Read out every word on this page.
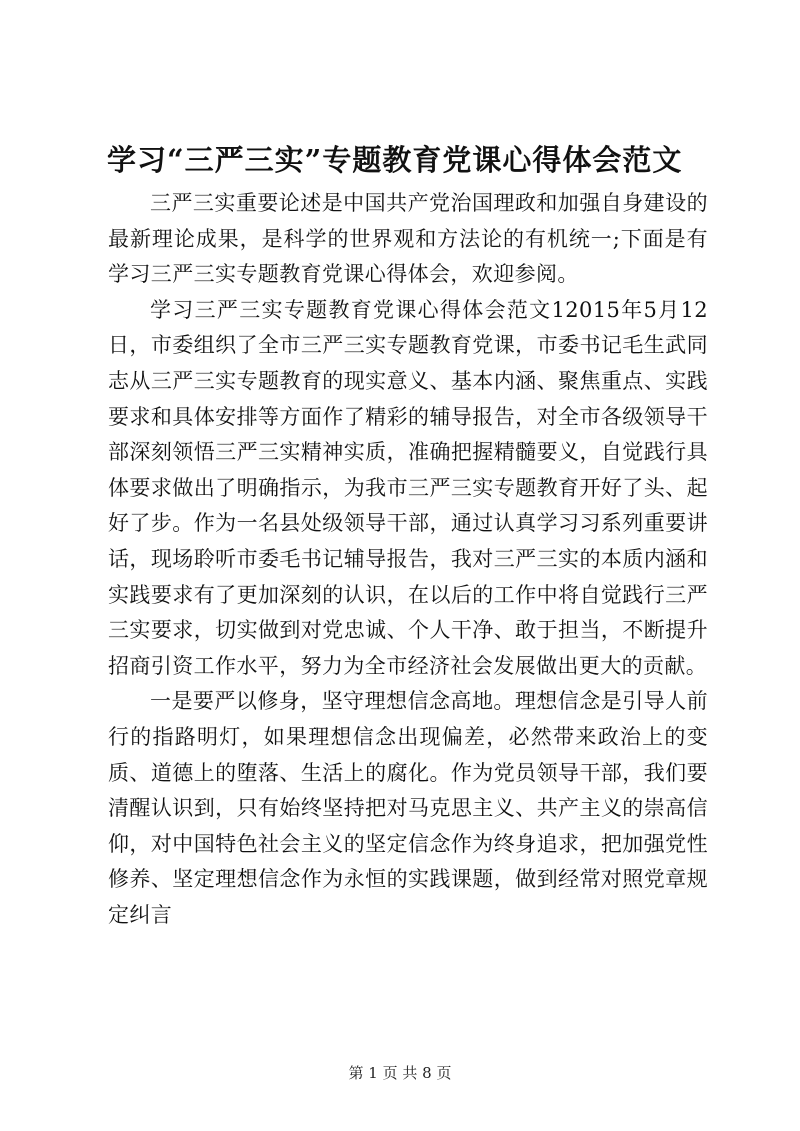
学习“三严三实”专题教育党课心得体会范文

三严三实重要论述是中国共产党治国理政和加强自身建设的最新理论成果，是科学的世界观和方法论的有机统一;下面是有学习三严三实专题教育党课心得体会，欢迎参阅。

学习三严三实专题教育党课心得体会范文12015年5月12日，市委组织了全市三严三实专题教育党课，市委书记毛生武同志从三严三实专题教育的现实意义、基本内涵、聚焦重点、实践要求和具体安排等方面作了精彩的辅导报告，对全市各级领导干部深刻领悟三严三实精神实质，准确把握精髓要义，自觉践行具体要求做出了明确指示，为我市三严三实专题教育开好了头、起好了步。作为一名县处级领导干部，通过认真学习习系列重要讲话，现场聆听市委毛书记辅导报告，我对三严三实的本质内涵和实践要求有了更加深刻的认识，在以后的工作中将自觉践行三严三实要求，切实做到对党忠诚、个人干净、敢于担当，不断提升招商引资工作水平，努力为全市经济社会发展做出更大的贡献。

一是要严以修身，坚守理想信念高地。理想信念是引导人前行的指路明灯，如果理想信念出现偏差，必然带来政治上的变质、道德上的堕落、生活上的腐化。作为党员领导干部，我们要清醒认识到，只有始终坚持把对马克思主义、共产主义的崇高信仰，对中国特色社会主义的坚定信念作为终身追求，把加强党性修养、坚定理想信念作为永恒的实践课题，做到经常对照党章规定纠言

第 1 页 共 8 页
